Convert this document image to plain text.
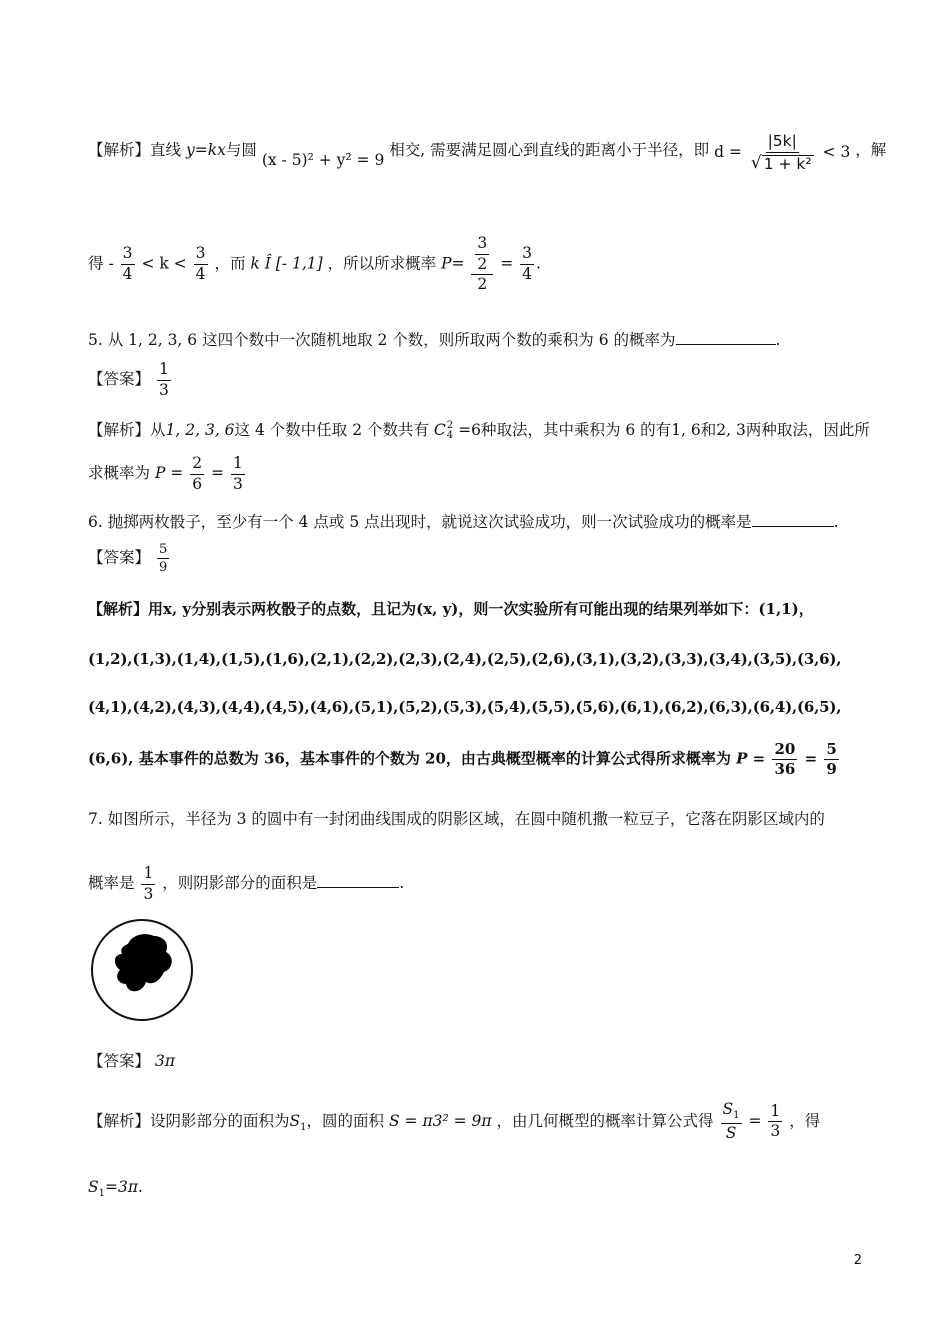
【解析】直线 y=kx与圆 (x - 5)² + y² = 9 相交, 需要满足圆心到直线的距离小于半径，即 $d = \frac{|5k|}{\text{√ 1 + k²}} < 3$ ，解
得 - $\frac{3}{4} < k < \frac{3}{4}$ ，而 k Î [- 1,1] ，所以所求概率 $P= \frac{\frac{3}{2}}{2} = \frac{3}{4}$ .
5. 从 1, 2, 3, 6 这四个数中一次随机地取 2 个数，则所取两个数的乘积为 6 的概率为	.
【答案】 $\frac{1}{3}$
【解析】从1, 2, 3, 6这 4 个数中任取 2 个数共有 C 2
4 =6种取法，其中乘积为 6 的有1, 6和2, 3两种取法，因此所
求概率为 $P = \frac{2}{6} = \frac{1}{3}$
6. 抛掷两枚骰子，至少有一个 4 点或 5 点出现时，就说这次试验成功，则一次试验成功的概率是	.
【答案】 $\frac{5}{9}$
【解析】用x, y分别表示两枚骰子的点数，且记为(x, y)，则一次实验所有可能出现的结果列举如下：(1,1)，
(1,2),(1,3),(1,4),(1,5),(1,6),(2,1),(2,2),(2,3),(2,4),(2,5),(2,6),(3,1),(3,2),(3,3),(3,4),(3,5),(3,6),
(4,1),(4,2),(4,3),(4,4),(4,5),(4,6),(5,1),(5,2),(5,3),(5,4),(5,5),(5,6),(6,1),(6,2),(6,3),(6,4),(6,5),
(6,6), 基本事件的总数为 36，基本事件的个数为 20，由古典概型概率的计算公式得所求概率为 $P = \frac{20}{36} = \frac{5}{9}$
7. 如图所示，半径为 3 的圆中有一封闭曲线围成的阴影区域，在圆中随机撒一粒豆子，它落在阴影区域内的
概率是 $\frac{1}{3}$ ，则阴影部分的面积是	.
【答案】 3π
【解析】设阴影部分的面积为$S_1$，圆的面积 S = π3² = 9π ，由几何概型的概率计算公式得 $\frac{S_1}{S} = \frac{1}{3}$ ，得
$S_1=3\pi$.
2
